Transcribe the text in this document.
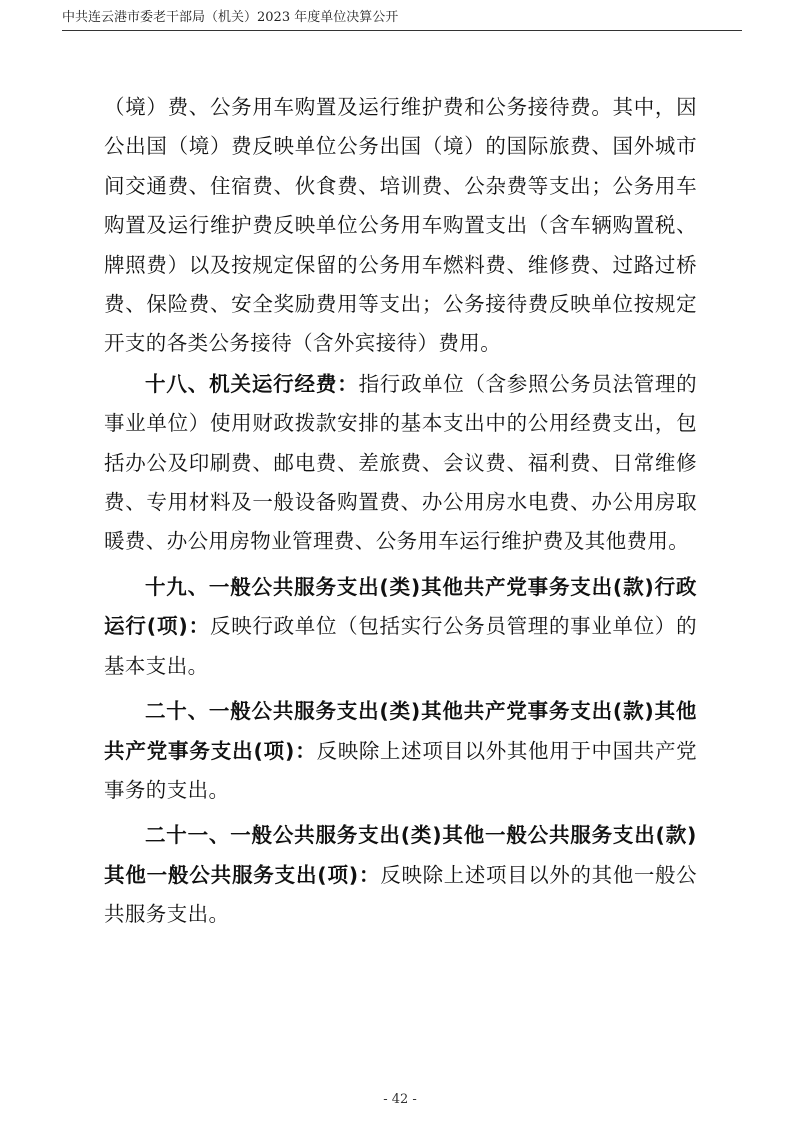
中共连云港市委老干部局（机关）2023 年度单位决算公开

（境）费、公务用车购置及运行维护费和公务接待费。其中，因公出国（境）费反映单位公务出国（境）的国际旅费、国外城市间交通费、住宿费、伙食费、培训费、公杂费等支出；公务用车购置及运行维护费反映单位公务用车购置支出（含车辆购置税、牌照费）以及按规定保留的公务用车燃料费、维修费、过路过桥费、保险费、安全奖励费用等支出；公务接待费反映单位按规定开支的各类公务接待（含外宾接待）费用。

十八、机关运行经费：指行政单位（含参照公务员法管理的事业单位）使用财政拨款安排的基本支出中的公用经费支出，包括办公及印刷费、邮电费、差旅费、会议费、福利费、日常维修费、专用材料及一般设备购置费、办公用房水电费、办公用房取暖费、办公用房物业管理费、公务用车运行维护费及其他费用。

十九、一般公共服务支出(类)其他共产党事务支出(款)行政运行(项)：反映行政单位（包括实行公务员管理的事业单位）的基本支出。

二十、一般公共服务支出(类)其他共产党事务支出(款)其他共产党事务支出(项)：反映除上述项目以外其他用于中国共产党事务的支出。

二十一、一般公共服务支出(类)其他一般公共服务支出(款)其他一般公共服务支出(项)：反映除上述项目以外的其他一般公共服务支出。

- 42 -
